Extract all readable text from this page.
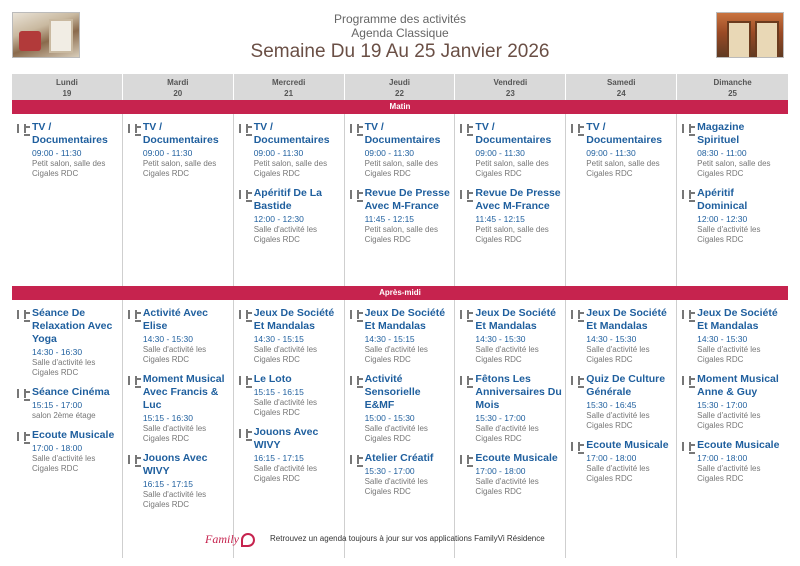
Programme des activités
Agenda Classique
Semaine Du 19 Au 25 Janvier 2026
Lundi
19
Mardi
20
Mercredi
21
Jeudi
22
Vendredi
23
Samedi
24
Dimanche
25
Matin
TV / Documentaires
09:00 - 11:30
Petit salon, salle des Cigales RDC
TV / Documentaires
09:00 - 11:30
Petit salon, salle des Cigales RDC
TV / Documentaires
09:00 - 11:30
Petit salon, salle des Cigales RDC
Apéritif De La Bastide
12:00 - 12:30
Salle d'activité les Cigales RDC
TV / Documentaires
09:00 - 11:30
Petit salon, salle des Cigales RDC
Revue De Presse Avec M-France
11:45 - 12:15
Petit salon, salle des Cigales RDC
TV / Documentaires
09:00 - 11:30
Petit salon, salle des Cigales RDC
Revue De Presse Avec M-France
11:45 - 12:15
Petit salon, salle des Cigales RDC
TV / Documentaires
09:00 - 11:30
Petit salon, salle des Cigales RDC
Magazine Spirituel
08:30 - 11:00
Petit salon, salle des Cigales RDC
Apéritif Dominical
12:00 - 12:30
Salle d'activité les Cigales RDC
Après-midi
Séance De Relaxation Avec Yoga
14:30 - 16:30
Salle d'activité les Cigales RDC
Séance Cinéma
15:15 - 17:00
salon 2ème étage
Ecoute Musicale
17:00 - 18:00
Salle d'activité les Cigales RDC
Activité Avec Elise
14:30 - 15:30
Salle d'activité les Cigales RDC
Moment Musical Avec Francis & Luc
15:15 - 16:30
Salle d'activité les Cigales RDC
Jouons Avec WIVY
16:15 - 17:15
Salle d'activité les Cigales RDC
Jeux De Société Et Mandalas
14:30 - 15:15
Salle d'activité les Cigales RDC
Le Loto
15:15 - 16:15
Salle d'activité les Cigales RDC
Jouons Avec WIVY
16:15 - 17:15
Salle d'activité les Cigales RDC
Jeux De Société Et Mandalas
14:30 - 15:15
Salle d'activité les Cigales RDC
Activité Sensorielle E&MF
15:00 - 15:30
Salle d'activité les Cigales RDC
Atelier Créatif
15:30 - 17:00
Salle d'activité les Cigales RDC
Jeux De Société Et Mandalas
14:30 - 15:30
Salle d'activité les Cigales RDC
Fêtons Les Anniversaires Du Mois
15:30 - 17:00
Salle d'activité les Cigales RDC
Ecoute Musicale
17:00 - 18:00
Salle d'activité les Cigales RDC
Jeux De Société Et Mandalas
14:30 - 15:30
Salle d'activité les Cigales RDC
Quiz De Culture Générale
15:30 - 16:45
Salle d'activité les Cigales RDC
Ecoute Musicale
17:00 - 18:00
Salle d'activité les Cigales RDC
Jeux De Société Et Mandalas
14:30 - 15:30
Salle d'activité les Cigales RDC
Moment Musical Anne & Guy
15:30 - 17:00
Salle d'activité les Cigales RDC
Ecoute Musicale
17:00 - 18:00
Salle d'activité les Cigales RDC
Family	Retrouvez un agenda toujours à jour sur vos applications FamilyVi Résidence
